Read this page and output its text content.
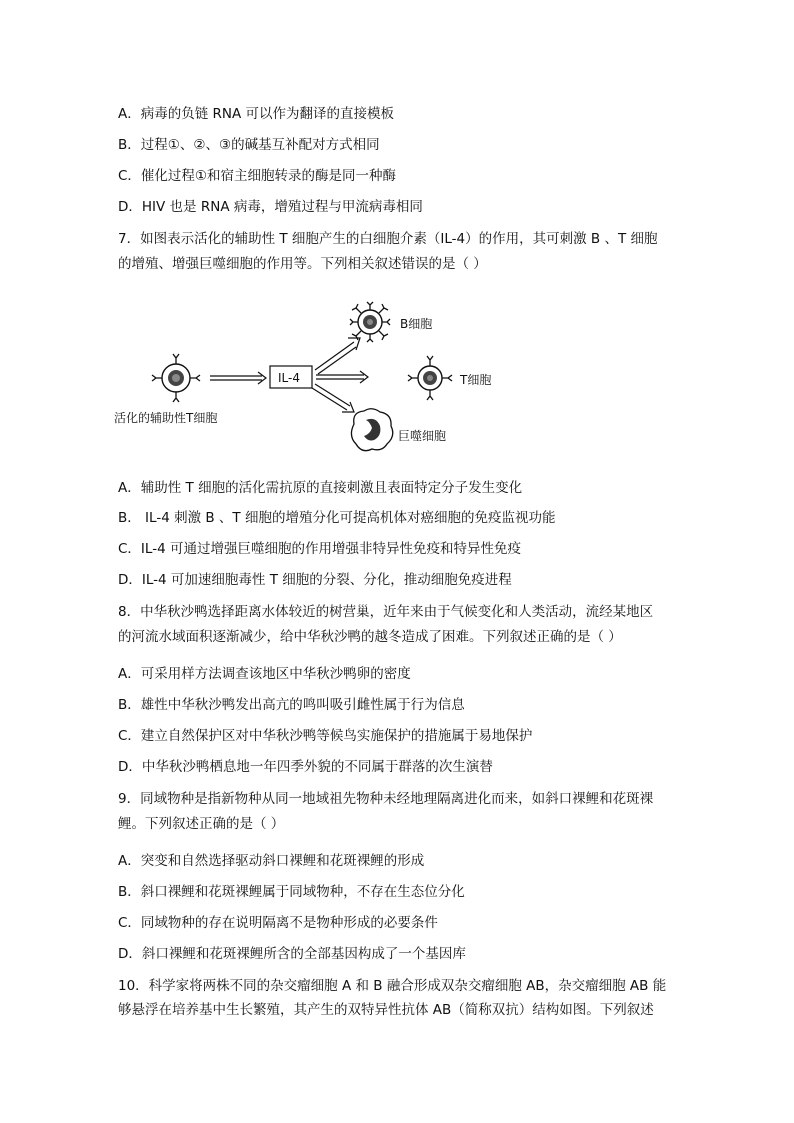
A．病毒的负链 RNA 可以作为翻译的直接模板
B．过程①、②、③的碱基互补配对方式相同
C．催化过程①和宿主细胞转录的酶是同一种酶
D．HIV 也是 RNA 病毒，增殖过程与甲流病毒相同
7．如图表示活化的辅助性 T 细胞产生的白细胞介素（IL-4）的作用，其可刺激 B 、T 细胞
的增殖、增强巨噬细胞的作用等。下列相关叙述错误的是（ ）
活化的辅助性T细胞
IL-4
B细胞
T细胞
巨噬细胞
A．辅助性 T 细胞的活化需抗原的直接刺激且表面特定分子发生变化
B． IL-4 刺激 B 、T 细胞的增殖分化可提高机体对癌细胞的免疫监视功能
C．IL-4 可通过增强巨噬细胞的作用增强非特异性免疫和特异性免疫
D．IL-4 可加速细胞毒性 T 细胞的分裂、分化，推动细胞免疫进程
8．中华秋沙鸭选择距离水体较近的树营巢，近年来由于气候变化和人类活动，流经某地区
的河流水域面积逐渐减少，给中华秋沙鸭的越冬造成了困难。下列叙述正确的是（ ）
A．可采用样方法调查该地区中华秋沙鸭卵的密度
B．雄性中华秋沙鸭发出高亢的鸣叫吸引雌性属于行为信息
C．建立自然保护区对中华秋沙鸭等候鸟实施保护的措施属于易地保护
D．中华秋沙鸭栖息地一年四季外貌的不同属于群落的次生演替
9．同域物种是指新物种从同一地域祖先物种未经地理隔离进化而来，如斜口裸鲤和花斑裸
鲤。下列叙述正确的是（ ）
A．突变和自然选择驱动斜口裸鲤和花斑裸鲤的形成
B．斜口裸鲤和花斑裸鲤属于同域物种，不存在生态位分化
C．同域物种的存在说明隔离不是物种形成的必要条件
D．斜口裸鲤和花斑裸鲤所含的全部基因构成了一个基因库
10．科学家将两株不同的杂交瘤细胞 A 和 B 融合形成双杂交瘤细胞 AB，杂交瘤细胞 AB 能
够悬浮在培养基中生长繁殖，其产生的双特异性抗体 AB（简称双抗）结构如图。下列叙述
